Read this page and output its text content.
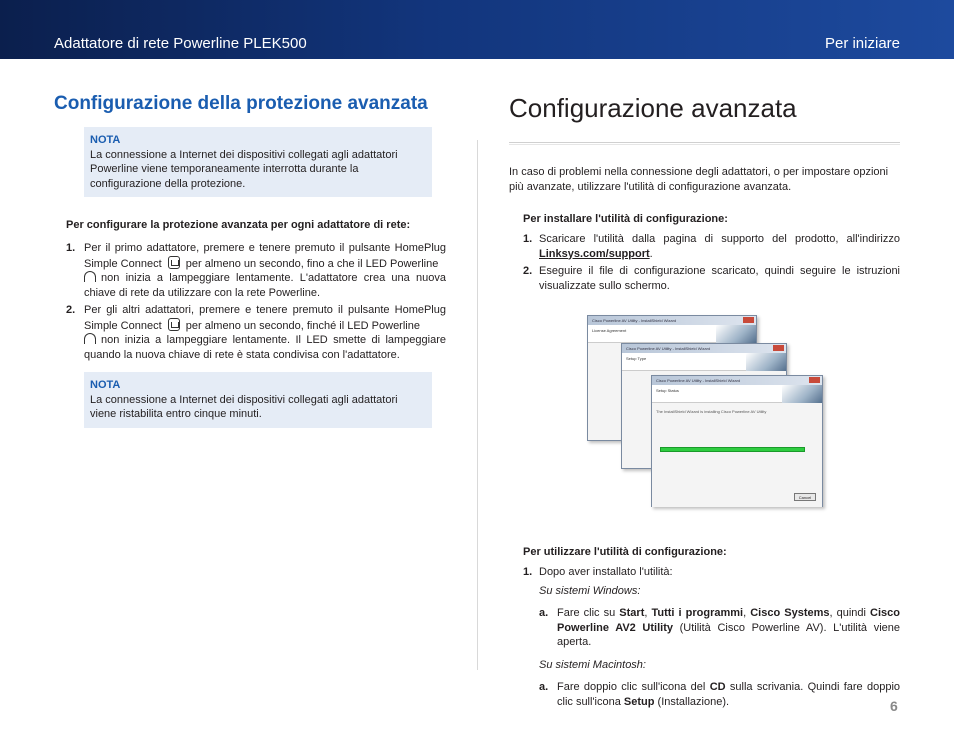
Adattatore di rete Powerline PLEK500	Per iniziare
Configurazione della protezione avanzata
NOTA
La connessione a Internet dei dispositivi collegati agli adattatori Powerline viene temporaneamente interrotta durante la configurazione della protezione.

Per configurare la protezione avanzata per ogni adattatore di rete:

1. Per il primo adattatore, premere e tenere premuto il pulsante HomePlug Simple Connect per almeno un secondo, fino a che il LED Powerline
non inizia a lampeggiare lentamente. L'adattatore crea una nuova chiave di rete da utilizzare con la rete Powerline.
2. Per gli altri adattatori, premere e tenere premuto il pulsante HomePlug Simple Connect per almeno un secondo, finché il LED Powerline
non inizia a lampeggiare lentamente. Il LED smette di lampeggiare quando la nuova chiave di rete è stata condivisa con l'adattatore.
NOTA
La connessione a Internet dei dispositivi collegati agli adattatori viene ristabilita entro cinque minuti.
Configurazione avanzata

In caso di problemi nella connessione degli adattatori, o per impostare opzioni più avanzate, utilizzare l'utilità di configurazione avanzata.

Per installare l'utilità di configurazione:

1. Scaricare l'utilità dalla pagina di supporto del prodotto, all'indirizzo Linksys.com/support.
2. Eseguire il file di configurazione scaricato, quindi seguire le istruzioni visualizzate sullo schermo.
Cisco Powerline AV Utility - InstallShield Wizard
License Agreement
Cisco Powerline AV Utility - InstallShield Wizard
Setup Type
Cisco Powerline AV Utility - InstallShield Wizard
Setup Status
The InstallShield Wizard is installing Cisco Powerline AV Utility
Cancel

Per utilizzare l'utilità di configurazione:

1. Dopo aver installato l'utilità:

Su sistemi Windows:

a. Fare clic su Start, Tutti i programmi, Cisco Systems, quindi Cisco Powerline AV2 Utility (Utilità Cisco Powerline AV). L'utilità viene aperta.

Su sistemi Macintosh:

a. Fare doppio clic sull'icona del CD sulla scrivania. Quindi fare doppio clic sull'icona Setup (Installazione).	6
